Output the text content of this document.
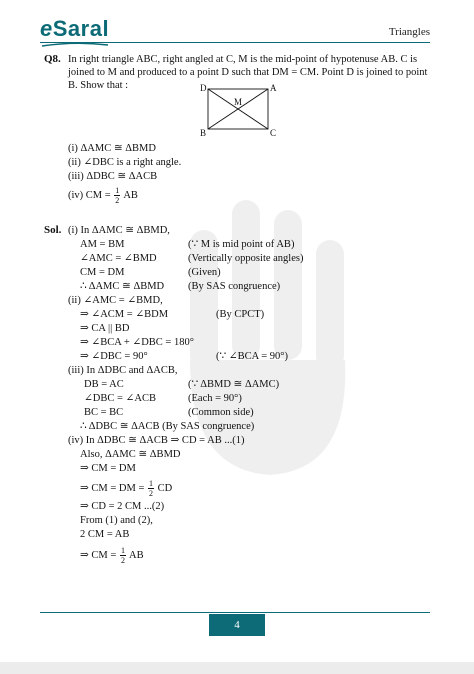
eSaral	Triangles
Q8. In right triangle ABC, right angled at C, M is the mid-point of hypotenuse AB. C is joined to M and produced to a point D such that DM = CM. Point D is joined to point B. Show that :	D	A
M
B	C
(i) ΔAMC ≅ ΔBMD
(ii) ∠DBC is a right angle.
(iii) ΔDBC ≅ ΔACB
(iv) CM = $\frac{1}{2}$ AB
Sol. (i) In ΔAMC ≅ ΔBMD,
AM = BM	(∵ M is mid point of AB)
∠AMC = ∠BMD	(Vertically opposite angles)
CM = DM	(Given)
∴ ΔAMC ≅ ΔBMD (By SAS congruence)
(ii) ∠AMC = ∠BMD,
⇒ ∠ACM = ∠BDM	(By CPCT)
⇒ CA || BD
⇒ ∠BCA + ∠DBC = 180°
⇒ ∠DBC = 90°	(∵ ∠BCA = 90°)
(iii) In ΔDBC and ΔACB,
DB = AC	(∵ ΔBMD ≅ ΔAMC)
∠DBC = ∠ACB	(Each = 90°)
BC = BC	(Common side)
∴ ΔDBC ≅ ΔACB (By SAS congruence)
(iv) In ΔDBC ≅ ΔACB ⇒ CD = AB ...(1)
Also, ΔAMC ≅ ΔBMD
⇒ CM = DM
⇒ CM = DM = $\frac{1}{2}$ CD
⇒ CD = 2 CM ...(2)
From (1) and (2),
2 CM = AB
⇒ CM = $\frac{1}{2}$ AB
4
